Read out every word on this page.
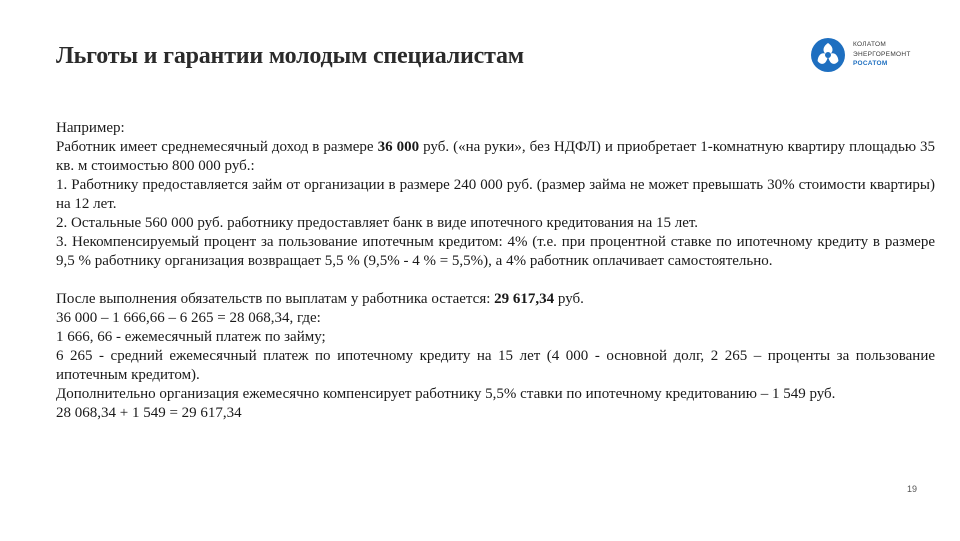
Льготы и гарантии молодым специалистам	КОЛАТОМ
ЭНЕРГОРЕМОНТ
РОСАТОМ

Например:

Работник имеет среднемесячный доход в размере 36 000 руб. («на руки», без НДФЛ) и приобретает 1-комнатную квартиру площадью 35 кв. м стоимостью 800 000 руб.:

1. Работнику предоставляется займ от организации в размере 240 000 руб. (размер займа не может превышать 30% стоимости квартиры) на 12 лет.

2. Остальные 560 000 руб. работнику предоставляет банк в виде ипотечного кредитования на 15 лет.

3. Некомпенсируемый процент за пользование ипотечным кредитом: 4% (т.е. при процентной ставке по ипотечному кредиту в размере 9,5 % работнику организация возвращает 5,5 % (9,5% - 4 % = 5,5%), а 4% работник оплачивает самостоятельно.

После выполнения обязательств по выплатам у работника остается: 29 617,34 руб.

36 000 – 1 666,66 – 6 265 = 28 068,34, где:

1 666, 66 - ежемесячный платеж по займу;

6 265 - средний ежемесячный платеж по ипотечному кредиту на 15 лет (4 000 - основной долг, 2 265 – проценты за пользование ипотечным кредитом).

Дополнительно организация ежемесячно компенсирует работнику 5,5% ставки по ипотечному кредитованию – 1 549 руб.

28 068,34 + 1 549 = 29 617,34

19
